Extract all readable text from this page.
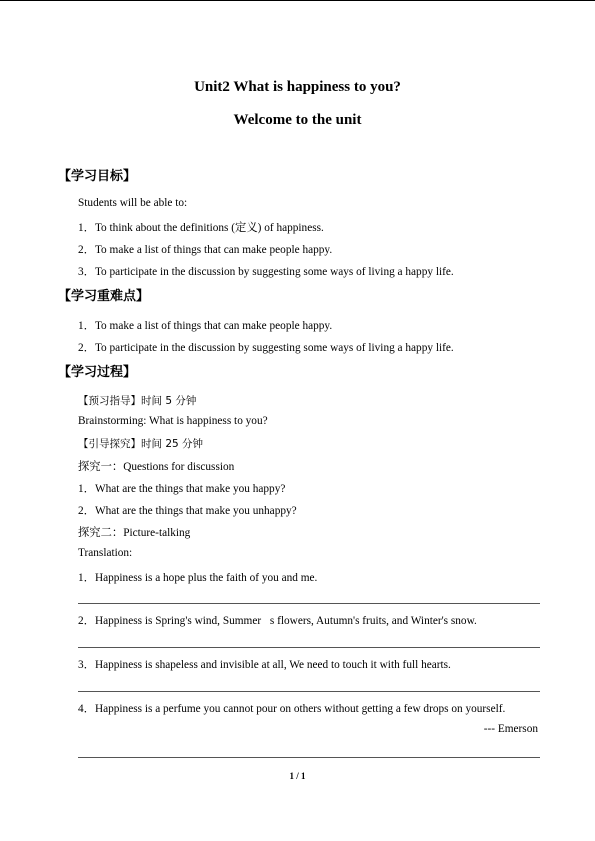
Unit2 What is happiness to you?
Welcome to the unit
【学习目标】
Students will be able to:
1．To think about the definitions (定义) of happiness.
2．To make a list of things that can make people happy.
3．To participate in the discussion by suggesting some ways of living a happy life.
【学习重难点】
1．To make a list of things that can make people happy.
2．To participate in the discussion by suggesting some ways of living a happy life.
【学习过程】
【预习指导】时间 5 分钟
Brainstorming: What is happiness to you?
【引导探究】时间 25 分钟
探究一：Questions for discussion
1．What are the things that make you happy?
2．What are the things that make you unhappy?
探究二：Picture-talking
Translation:
1．Happiness is a hope plus the faith of you and me.
2．Happiness is Spring's wind, Summer s flowers, Autumn's fruits, and Winter's snow.
3．Happiness is shapeless and invisible at all, We need to touch it with full hearts.
4．Happiness is a perfume you cannot pour on others without getting a few drops on yourself.
--- Emerson
1 / 1
